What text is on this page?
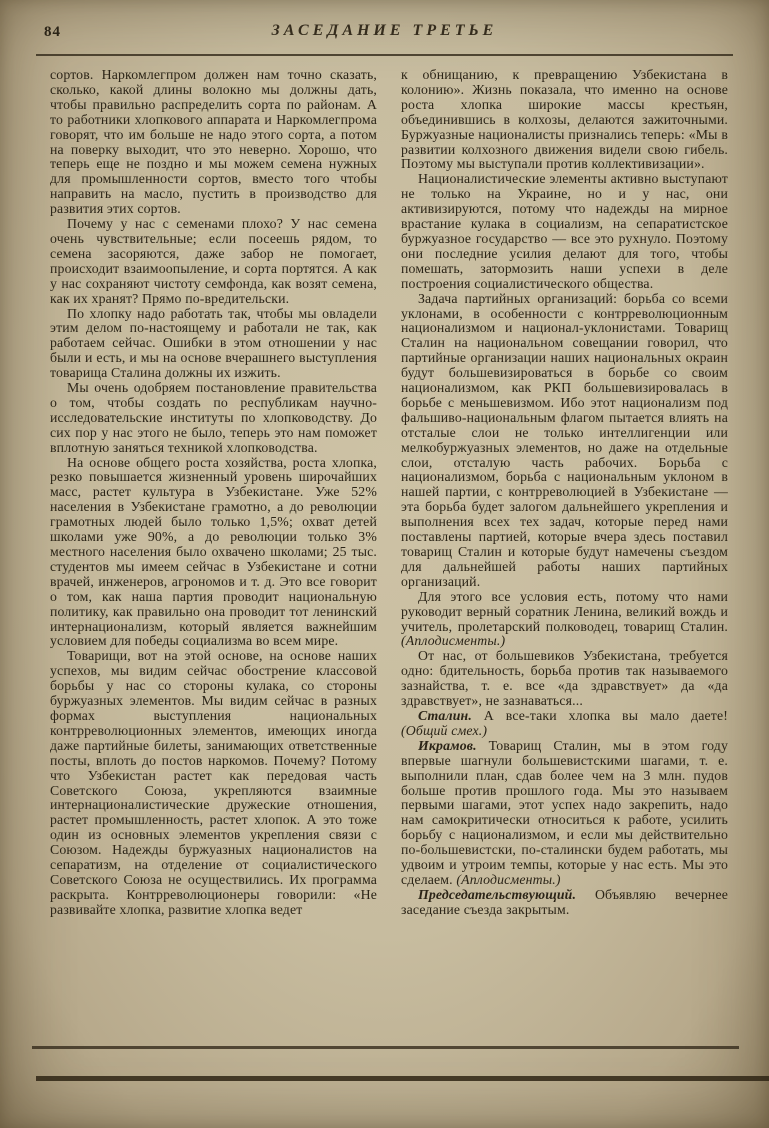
84	ЗАСЕДАНИЕ ТРЕТЬЕ

сортов. Наркомлегпром должен нам точно сказать, сколько, какой длины волокно мы должны дать, чтобы правильно распределить сорта по районам. А то работники хлопкового аппарата и Наркомлегпрома говорят, что им больше не надо этого сорта, а потом на поверку выходит, что это неверно. Хорошо, что теперь еще не поздно и мы можем семена нужных для промышленности сортов, вместо того чтобы направить на масло, пустить в производство для развития этих сортов.

Почему у нас с семенами плохо? У нас семена очень чувствительные; если посеешь рядом, то семена засоряются, даже забор не помогает, происходит взаимоопыление, и сорта портятся. А как у нас сохраняют чистоту семфонда, как возят семена, как их хранят? Прямо по-вредительски.

По хлопку надо работать так, чтобы мы овладели этим делом по-настоящему и работали не так, как работаем сейчас. Ошибки в этом отношении у нас были и есть, и мы на основе вчерашнего выступления товарища Сталина должны их изжить.

Мы очень одобряем постановление правительства о том, чтобы создать по республикам научно-исследовательские институты по хлопководству. До сих пор у нас этого не было, теперь это нам поможет вплотную заняться техникой хлопководства.

На основе общего роста хозяйства, роста хлопка, резко повышается жизненный уровень широчайших масс, растет культура в Узбекистане. Уже 52% населения в Узбекистане грамотно, а до революции грамотных людей было только 1,5%; охват детей школами уже 90%, а до революции только 3% местного населения было охвачено школами; 25 тыс. студентов мы имеем сейчас в Узбекистане и сотни врачей, инженеров, агрономов и т. д. Это все говорит о том, как наша партия проводит национальную политику, как правильно она проводит тот ленинский интернационализм, который является важнейшим условием для победы социализма во всем мире.

Товарищи, вот на этой основе, на основе наших успехов, мы видим сейчас обострение классовой борьбы у нас со стороны кулака, со стороны буржуазных элементов. Мы видим сейчас в разных формах выступления национальных контрреволюционных элементов, имеющих иногда даже партийные билеты, занимающих ответственные посты, вплоть до постов наркомов. Почему? Потому что Узбекистан растет как передовая часть Советского Союза, укрепляются взаимные интернационалистические дружеские отношения, растет промышленность, растет хлопок. А это тоже один из основных элементов укрепления связи с Союзом. Надежды буржуазных националистов на сепаратизм, на отделение от социалистического Советского Союза не осуществились. Их программа раскрыта. Контрреволюционеры говорили: «Не развивайте хлопка, развитие хлопка ведет

к обнищанию, к превращению Узбекистана в колонию». Жизнь показала, что именно на основе роста хлопка широкие массы крестьян, объединившись в колхозы, делаются зажиточными. Буржуазные националисты признались теперь: «Мы в развитии колхозного движения видели свою гибель. Поэтому мы выступали против коллективизации».

Националистические элементы активно выступают не только на Украине, но и у нас, они активизируются, потому что надежды на мирное врастание кулака в социализм, на сепаратистское буржуазное государство — все это рухнуло. Поэтому они последние усилия делают для того, чтобы помешать, затормозить наши успехи в деле построения социалистического общества.

Задача партийных организаций: борьба со всеми уклонами, в особенности с контрреволюционным национализмом и национал-уклонистами. Товарищ Сталин на национальном совещании говорил, что партийные организации наших национальных окраин будут большевизироваться в борьбе со своим национализмом, как РКП большевизировалась в борьбе с меньшевизмом. Ибо этот национализм под фальшиво-национальным флагом пытается влиять на отсталые слои не только интеллигенции или мелкобуржуазных элементов, но даже на отдельные слои, отсталую часть рабочих. Борьба с национализмом, борьба с национальным уклоном в нашей партии, с контрреволюцией в Узбекистане — эта борьба будет залогом дальнейшего укрепления и выполнения всех тех задач, которые перед нами поставлены партией, которые вчера здесь поставил товарищ Сталин и которые будут намечены съездом для дальнейшей работы наших партийных организаций.

Для этого все условия есть, потому что нами руководит верный соратник Ленина, великий вождь и учитель, пролетарский полководец, товарищ Сталин. (Аплодисменты.)

От нас, от большевиков Узбекистана, требуется одно: бдительность, борьба против так называемого зазнайства, т. е. все «да здравствует» да «да здравствует», не зазнаваться...

Сталин. А все-таки хлопка вы мало даете! (Общий смех.)

Икрамов. Товарищ Сталин, мы в этом году впервые шагнули большевистскими шагами, т. е. выполнили план, сдав более чем на 3 млн. пудов больше против прошлого года. Мы это называем первыми шагами, этот успех надо закрепить, надо нам самокритически относиться к работе, усилить борьбу с национализмом, и если мы действительно по-большевистски, по-сталински будем работать, мы удвоим и утроим темпы, которые у нас есть. Мы это сделаем. (Аплодисменты.)

Председательствующий. Объявляю вечернее заседание съезда закрытым.
